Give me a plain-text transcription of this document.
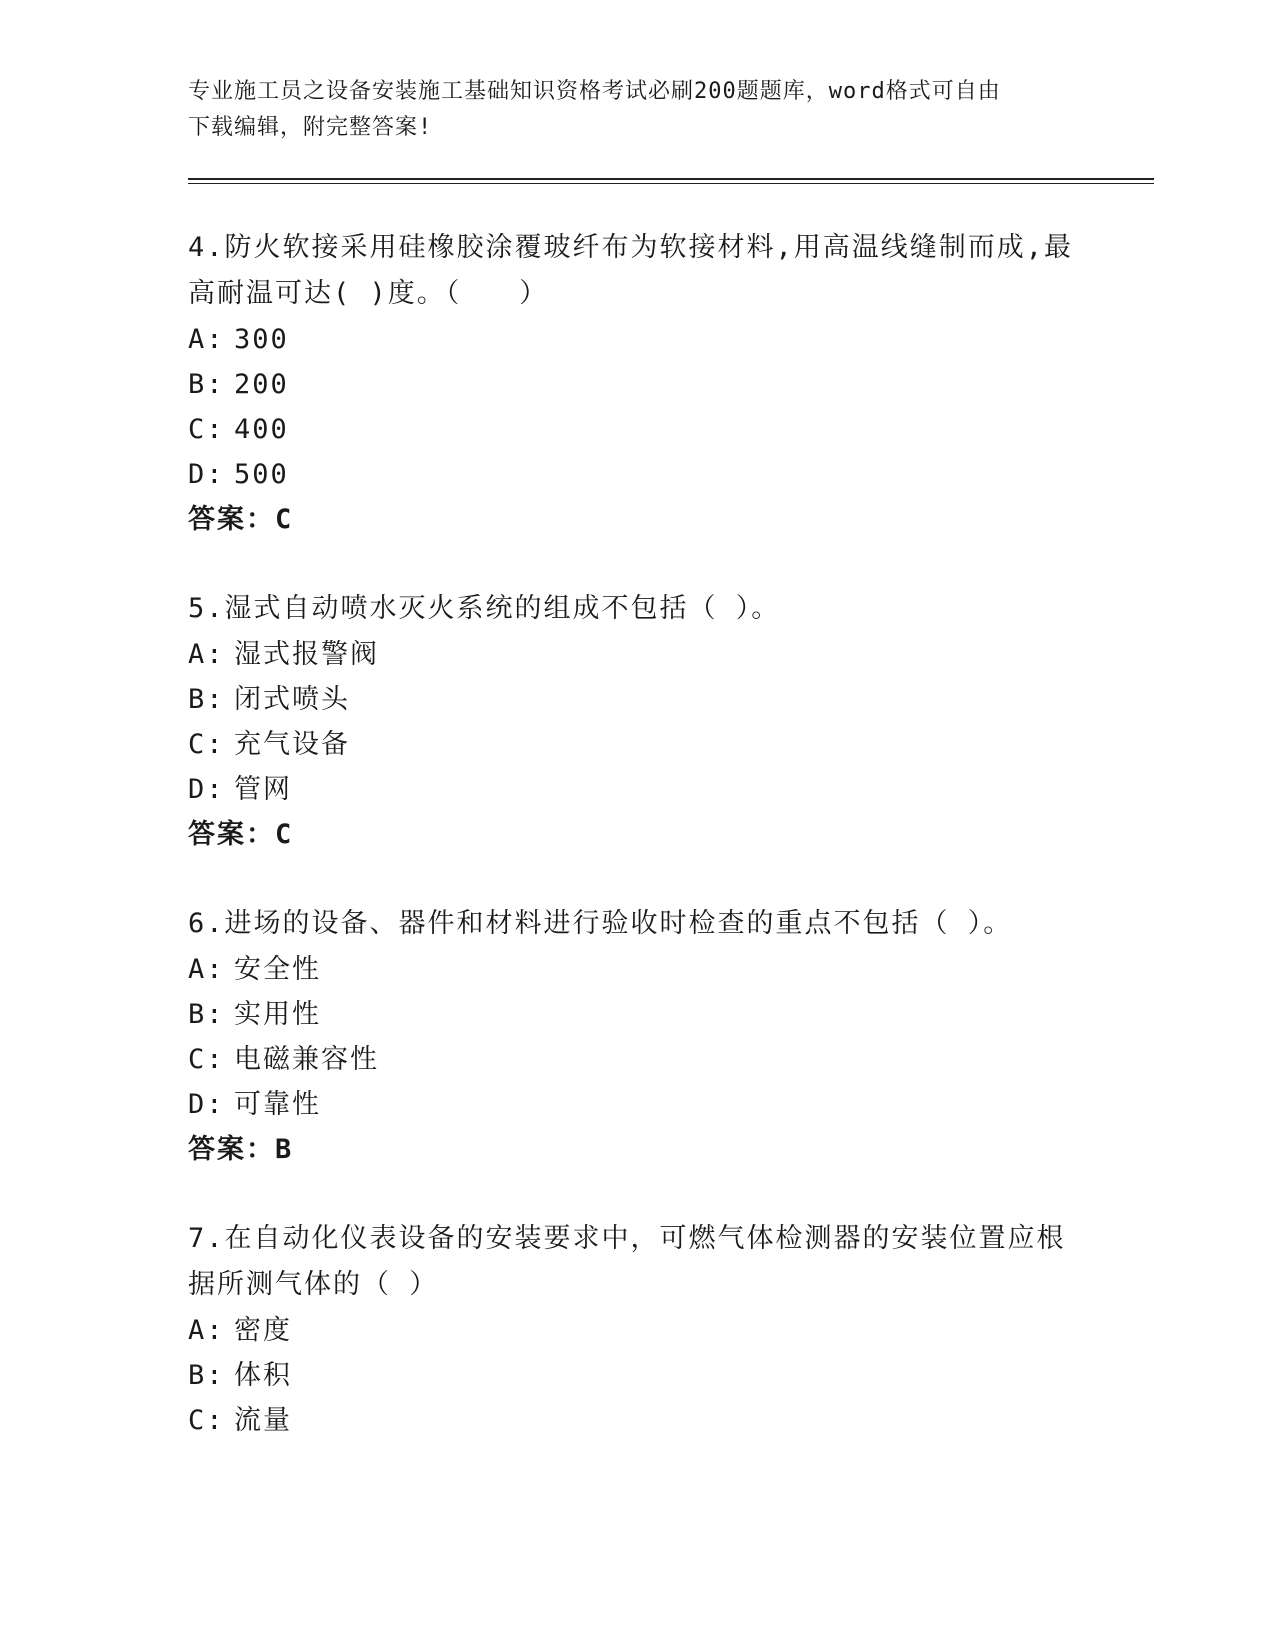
专业施工员之设备安装施工基础知识资格考试必刷200题题库，word格式可自由
下载编辑，附完整答案!
4.防火软接采用硅橡胶涂覆玻纤布为软接材料,用高温线缝制而成,最
高耐温可达( )度。（　　）
A: 300
B: 200
C: 400
D: 500
答案：C
5.湿式自动喷水灭火系统的组成不包括（ ）。
A: 湿式报警阀
B: 闭式喷头
C: 充气设备
D: 管网
答案：C
6.进场的设备、器件和材料进行验收时检查的重点不包括（ ）。
A: 安全性
B: 实用性
C: 电磁兼容性
D: 可靠性
答案：B
7.在自动化仪表设备的安装要求中，可燃气体检测器的安装位置应根
据所测气体的（ ）
A: 密度
B: 体积
C: 流量
